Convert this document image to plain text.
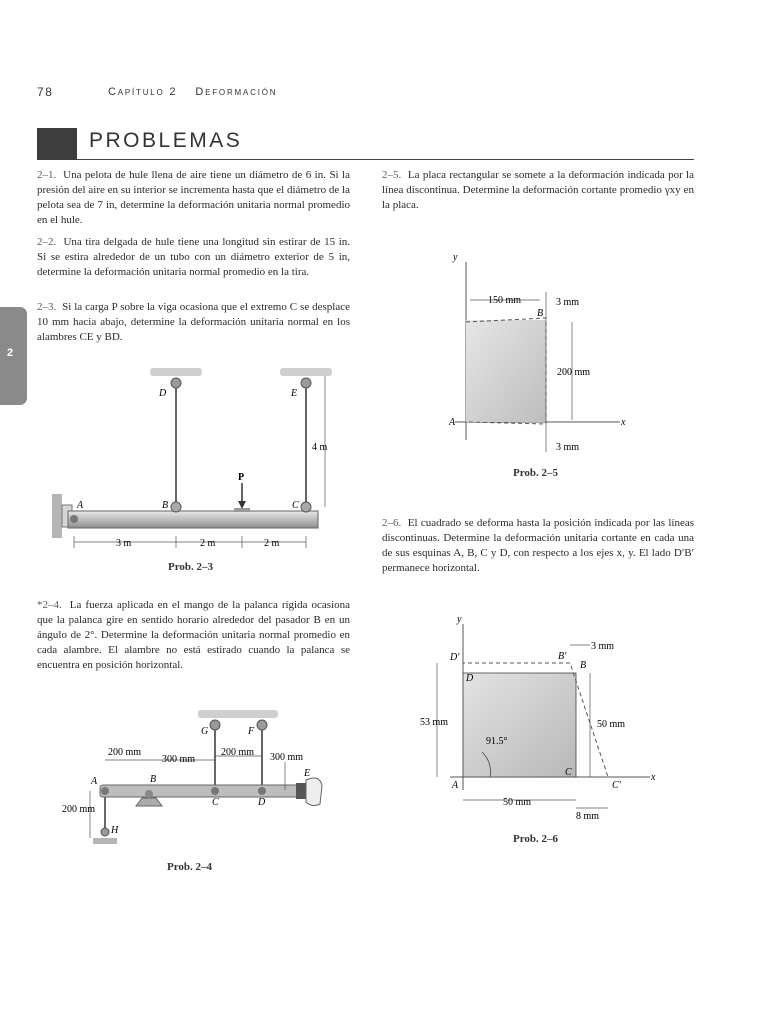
78	Capítulo 2 Deformación
PROBLEMAS
2
2–1. Una pelota de hule llena de aire tiene un diámetro de 6 in. Si la presión del aire en su interior se incrementa hasta que el diámetro de la pelota sea de 7 in, determine la deformación unitaria normal promedio en el hule.
2–2. Una tira delgada de hule tiene una longitud sin estirar de 15 in. Si se estira alrededor de un tubo con un diámetro exterior de 5 in, determine la deformación unitaria normal promedio en la tira.
2–3. Si la carga P sobre la viga ocasiona que el extremo C se desplace 10 mm hacia abajo, determine la deformación unitaria normal en los alambres CE y BD.
*2–4. La fuerza aplicada en el mango de la palanca rígida ocasiona que la palanca gire en sentido horario alrededor del pasador B en un ángulo de 2°. Determine la deformación unitaria normal promedio en cada alambre. El alambre no está estirado cuando la palanca se encuentra en posición horizontal.
2–5. La placa rectangular se somete a la deformación indicada por la línea discontinua. Determine la deformación cortante promedio γxy en la placa.
2–6. El cuadrado se deforma hasta la posición indicada por las líneas discontinuas. Determine la deformación unitaria cortante en cada una de sus esquinas A, B, C y D, con respecto a los ejes x, y. El lado D′B′ permanece horizontal.
D	E
P
A	B	C
4 m
3 m	2 m	2 m
Prob. 2–3
200 mm
300 mm
200 mm 300 mm
200 mm
G	F
A	B
C	D
E
H
Prob. 2–4
y
x
A
B
150 mm	3 mm
200 mm
3 mm
Prob. 2–5
y
x
D′	B′
B
D
A
C
C′
3 mm
53 mm	50 mm
50 mm
8 mm
91.5°
Prob. 2–6
